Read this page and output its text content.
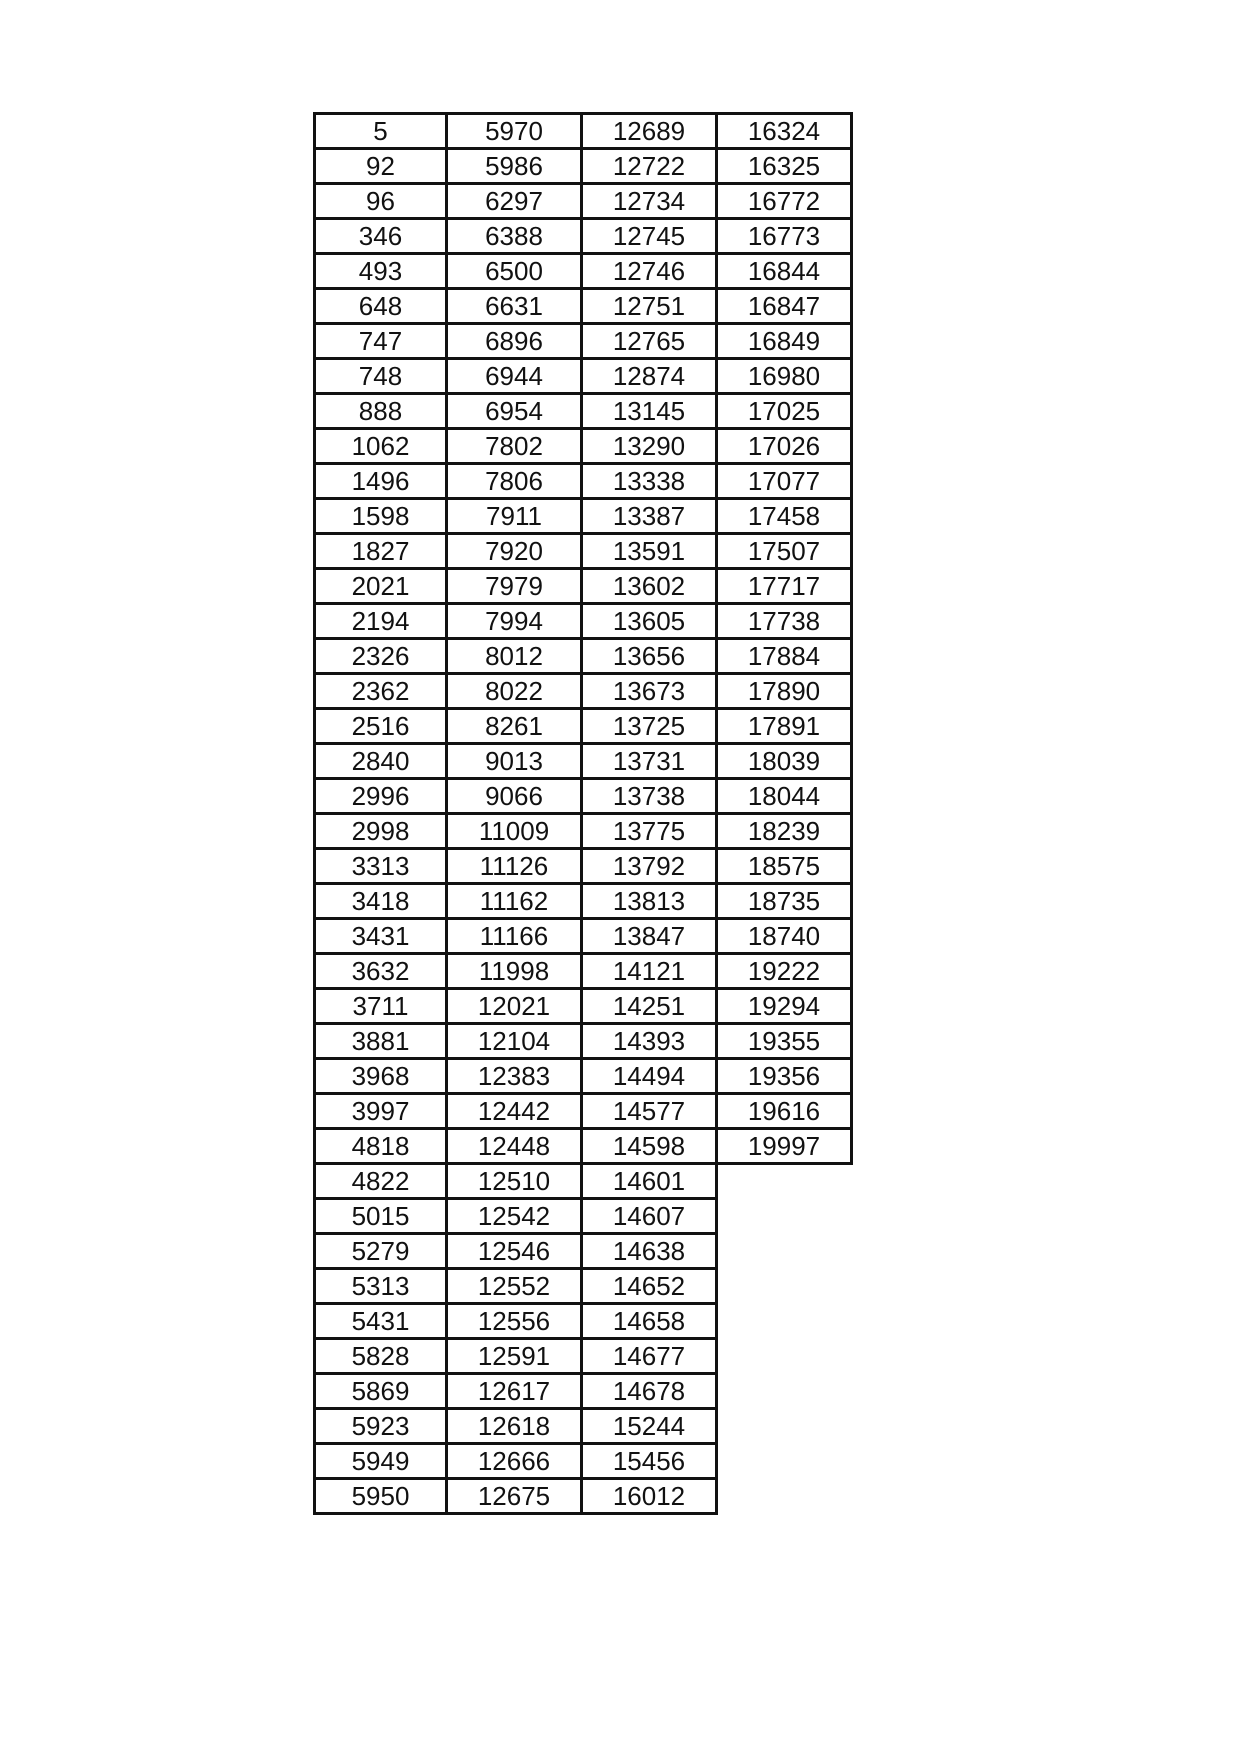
5
92
96
346
493
648
747
748
888
1062
1496
1598
1827
2021
2194
2326
2362
2516
2840
2996
2998
3313
3418
3431
3632
3711
3881
3968
3997
4818
4822
5015
5279
5313
5431
5828
5869
5923
5949
5950
5970
5986
6297
6388
6500
6631
6896
6944
6954
7802
7806
7911
7920
7979
7994
8012
8022
8261
9013
9066
11009
11126
11162
11166
11998
12021
12104
12383
12442
12448
12510
12542
12546
12552
12556
12591
12617
12618
12666
12675
12689
12722
12734
12745
12746
12751
12765
12874
13145
13290
13338
13387
13591
13602
13605
13656
13673
13725
13731
13738
13775
13792
13813
13847
14121
14251
14393
14494
14577
14598
14601
14607
14638
14652
14658
14677
14678
15244
15456
16012
16324
16325
16772
16773
16844
16847
16849
16980
17025
17026
17077
17458
17507
17717
17738
17884
17890
17891
18039
18044
18239
18575
18735
18740
19222
19294
19355
19356
19616
19997
